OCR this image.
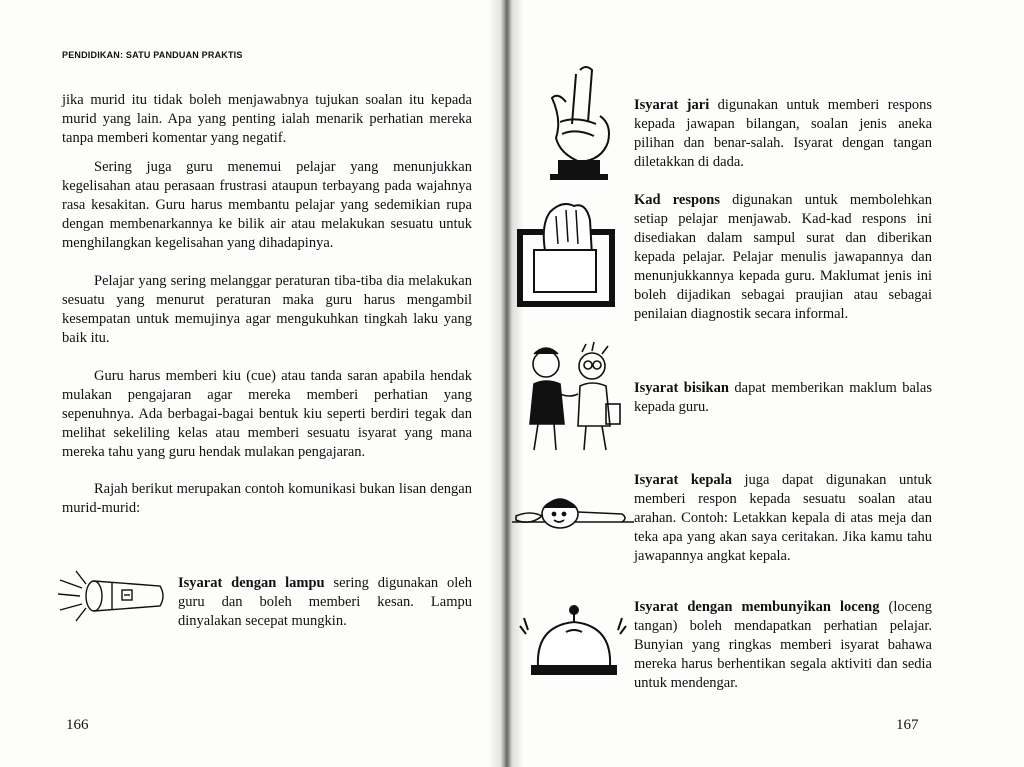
PENDIDIKAN: SATU PANDUAN PRAKTIS

jika murid itu tidak boleh menjawabnya tujukan soalan itu kepada murid yang lain. Apa yang penting ialah menarik perhatian mereka tanpa memberi komentar yang negatif.

Sering juga guru menemui pelajar yang menunjukkan kegelisahan atau perasaan frustrasi ataupun terbayang pada wajahnya rasa kesakitan. Guru harus membantu pelajar yang sedemikian rupa dengan membenarkannya ke bilik air atau melakukan sesuatu untuk menghilangkan kegelisahan yang dihadapinya.

Pelajar yang sering melanggar peraturan tiba-tiba dia melakukan sesuatu yang menurut peraturan maka guru harus mengambil kesempatan untuk memujinya agar mengukuhkan tingkah laku yang baik itu.

Guru harus memberi kiu (cue) atau tanda saran apabila hendak mulakan pengajaran agar mereka memberi perhatian yang sepenuhnya. Ada berbagai-bagai bentuk kiu seperti berdiri tegak dan melihat sekeliling kelas atau memberi sesuatu isyarat yang mana mereka tahu yang guru hendak mulakan pengajaran.

Rajah berikut merupakan contoh komunikasi bukan lisan dengan murid-murid:

Isyarat dengan lampu sering digunakan oleh guru dan boleh memberi kesan. Lampu dinyalakan secepat mungkin.

166

Isyarat jari digunakan untuk memberi respons kepada jawapan bilangan, soalan jenis aneka pilihan dan benar-salah. Isyarat dengan tangan diletakkan di dada.

Kad respons digunakan untuk membolehkan setiap pelajar menjawab. Kad-kad respons ini disediakan dalam sampul surat dan diberikan kepada pelajar. Pelajar menulis jawapannya dan menunjukkannya kepada guru. Maklumat jenis ini boleh dijadikan sebagai praujian atau sebagai penilaian diagnostik secara informal.

Isyarat bisikan dapat memberikan maklum balas kepada guru.

Isyarat kepala juga dapat digunakan untuk memberi respon kepada sesuatu soalan atau arahan. Contoh: Letakkan kepala di atas meja dan teka apa yang akan saya ceritakan. Jika kamu tahu jawapannya angkat kepala.

Isyarat dengan membunyikan loceng (loceng tangan) boleh mendapatkan perhatian pelajar. Bunyian yang ringkas memberi isyarat bahawa mereka harus berhentikan segala aktiviti dan sedia untuk mendengar.

167
